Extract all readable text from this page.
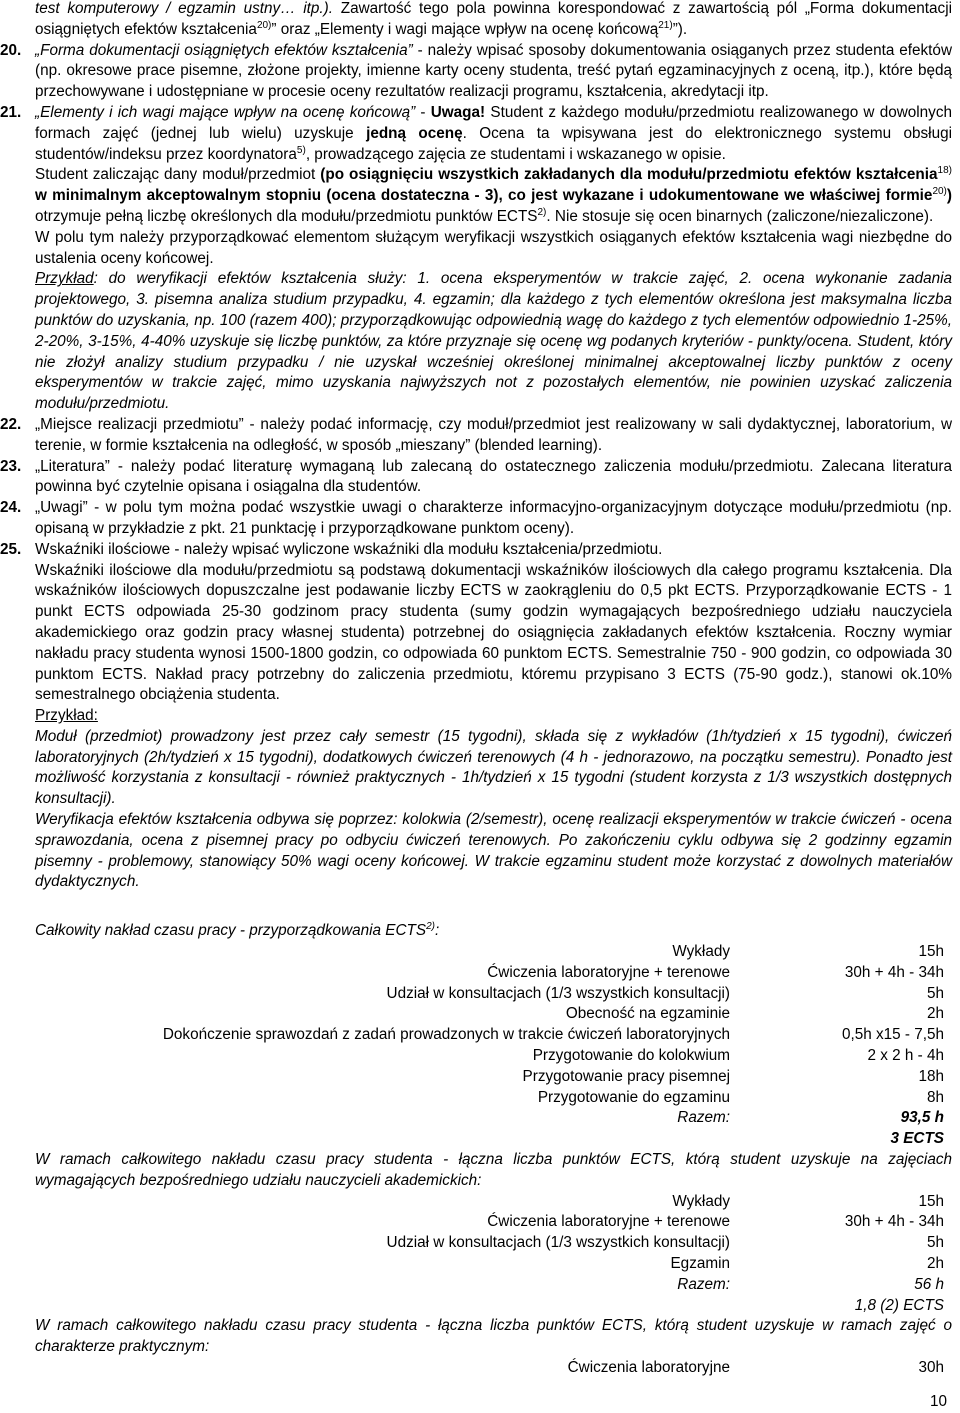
test komputerowy / egzamin ustny… itp.). Zawartość tego pola powinna korespondować z zawartością pól „Forma dokumentacji osiągniętych efektów kształcenia$^{20)}$” oraz „Elementy i wagi mające wpływ na ocenę końcową$^{21)}$”).
20. „Forma dokumentacji osiągniętych efektów kształcenia” - należy wpisać sposoby dokumentowania osiąganych przez studenta efektów (np. okresowe prace pisemne, złożone projekty, imienne karty oceny studenta, treść pytań egzaminacyjnych z oceną, itp.), które będą przechowywane i udostępniane w procesie oceny rezultatów realizacji programu, kształcenia, akredytacji itp.
21. „Elementy i ich wagi mające wpływ na ocenę końcową” - Uwaga! Student z każdego modułu/przedmiotu realizowanego w dowolnych formach zajęć (jednej lub wielu) uzyskuje jedną ocenę. Ocena ta wpisywana jest do elektronicznego systemu obsługi studentów/indeksu przez koordynatora$^{5)}$, prowadzącego zajęcia ze studentami i wskazanego w opisie.
Student zaliczając dany moduł/przedmiot (po osiągnięciu wszystkich zakładanych dla modułu/przedmiotu efektów kształcenia$^{18)}$ w minimalnym akceptowalnym stopniu (ocena dostateczna - 3), co jest wykazane i udokumentowane we właściwej formie$^{20)}$) otrzymuje pełną liczbę określonych dla modułu/przedmiotu punktów ECTS$^{2)}$. Nie stosuje się ocen binarnych (zaliczone/niezaliczone).
W polu tym należy przyporządkować elementom służącym weryfikacji wszystkich osiąganych efektów kształcenia wagi niezbędne do ustalenia oceny końcowej.
Przykład: do weryfikacji efektów kształcenia służy: 1. ocena eksperymentów w trakcie zajęć, 2. ocena wykonanie zadania projektowego, 3. pisemna analiza studium przypadku, 4. egzamin; dla każdego z tych elementów określona jest maksymalna liczba punktów do uzyskania, np. 100 (razem 400); przyporządkowując odpowiednią wagę do każdego z tych elementów odpowiednio 1-25%, 2-20%, 3-15%, 4-40% uzyskuje się liczbę punktów, za które przyznaje się ocenę wg podanych kryteriów - punkty/ocena. Student, który nie złożył analizy studium przypadku / nie uzyskał wcześniej określonej minimalnej akceptowalnej liczby punktów z oceny eksperymentów w trakcie zajęć, mimo uzyskania najwyższych not z pozostałych elementów, nie powinien uzyskać zaliczenia modułu/przedmiotu.
22. „Miejsce realizacji przedmiotu” - należy podać informację, czy moduł/przedmiot jest realizowany w sali dydaktycznej, laboratorium, w terenie, w formie kształcenia na odległość, w sposób „mieszany” (blended learning).
23. „Literatura” - należy podać literaturę wymaganą lub zalecaną do ostatecznego zaliczenia modułu/przedmiotu. Zalecana literatura powinna być czytelnie opisana i osiągalna dla studentów.
24. „Uwagi” - w polu tym można podać wszystkie uwagi o charakterze informacyjno-organizacyjnym dotyczące modułu/przedmiotu (np. opisaną w przykładzie z pkt. 21 punktację i przyporządkowane punktom oceny).
25. Wskaźniki ilościowe - należy wpisać wyliczone wskaźniki dla modułu kształcenia/przedmiotu.
Wskaźniki ilościowe dla modułu/przedmiotu są podstawą dokumentacji wskaźników ilościowych dla całego programu kształcenia. Dla wskaźników ilościowych dopuszczalne jest podawanie liczby ECTS w zaokrągleniu do 0,5 pkt ECTS. Przyporządkowanie ECTS - 1 punkt ECTS odpowiada 25-30 godzinom pracy studenta (sumy godzin wymagających bezpośredniego udziału nauczyciela akademickiego oraz godzin pracy własnej studenta) potrzebnej do osiągnięcia zakładanych efektów kształcenia. Roczny wymiar nakładu pracy studenta wynosi 1500-1800 godzin, co odpowiada 60 punktom ECTS. Semestralnie 750 - 900 godzin, co odpowiada 30 punktom ECTS. Nakład pracy potrzebny do zaliczenia przedmiotu, któremu przypisano 3 ECTS (75-90 godz.), stanowi ok.10% semestralnego obciążenia studenta.
Przykład:
Moduł (przedmiot) prowadzony jest przez cały semestr (15 tygodni), składa się z wykładów (1h/tydzień x 15 tygodni), ćwiczeń laboratoryjnych (2h/tydzień x 15 tygodni), dodatkowych ćwiczeń terenowych (4 h - jednorazowo, na początku semestru). Ponadto jest możliwość korzystania z konsultacji - również praktycznych - 1h/tydzień x 15 tygodni (student korzysta z 1/3 wszystkich dostępnych konsultacji).
Weryfikacja efektów kształcenia odbywa się poprzez: kolokwia (2/semestr), ocenę realizacji eksperymentów w trakcie ćwiczeń - ocena sprawozdania, ocena z pisemnej pracy po odbyciu ćwiczeń terenowych. Po zakończeniu cyklu odbywa się 2 godzinny egzamin pisemny - problemowy, stanowiący 50% wagi oceny końcowej. W trakcie egzaminu student może korzystać z dowolnych materiałów dydaktycznych.
Całkowity nakład czasu pracy - przyporządkowania ECTS$^{2)}$:
Wykłady	15h
Ćwiczenia laboratoryjne + terenowe	30h + 4h - 34h
Udział w konsultacjach (1/3 wszystkich konsultacji)	5h
Obecność na egzaminie	2h
Dokończenie sprawozdań z zadań prowadzonych w trakcie ćwiczeń laboratoryjnych	0,5h x15 - 7,5h
Przygotowanie do kolokwium	2 x 2 h - 4h
Przygotowanie pracy pisemnej	18h
Przygotowanie do egzaminu	8h
Razem:	93,5 h
	3 ECTS
W ramach całkowitego nakładu czasu pracy studenta - łączna liczba punktów ECTS, którą student uzyskuje na zajęciach wymagających bezpośredniego udziału nauczycieli akademickich:
Wykłady	15h
Ćwiczenia laboratoryjne + terenowe	30h + 4h - 34h
Udział w konsultacjach (1/3 wszystkich konsultacji)	5h
Egzamin	2h
Razem:	56 h
	1,8 (2) ECTS
W ramach całkowitego nakładu czasu pracy studenta - łączna liczba punktów ECTS, którą student uzyskuje w ramach zajęć o charakterze praktycznym:
Ćwiczenia laboratoryjne	30h
10
